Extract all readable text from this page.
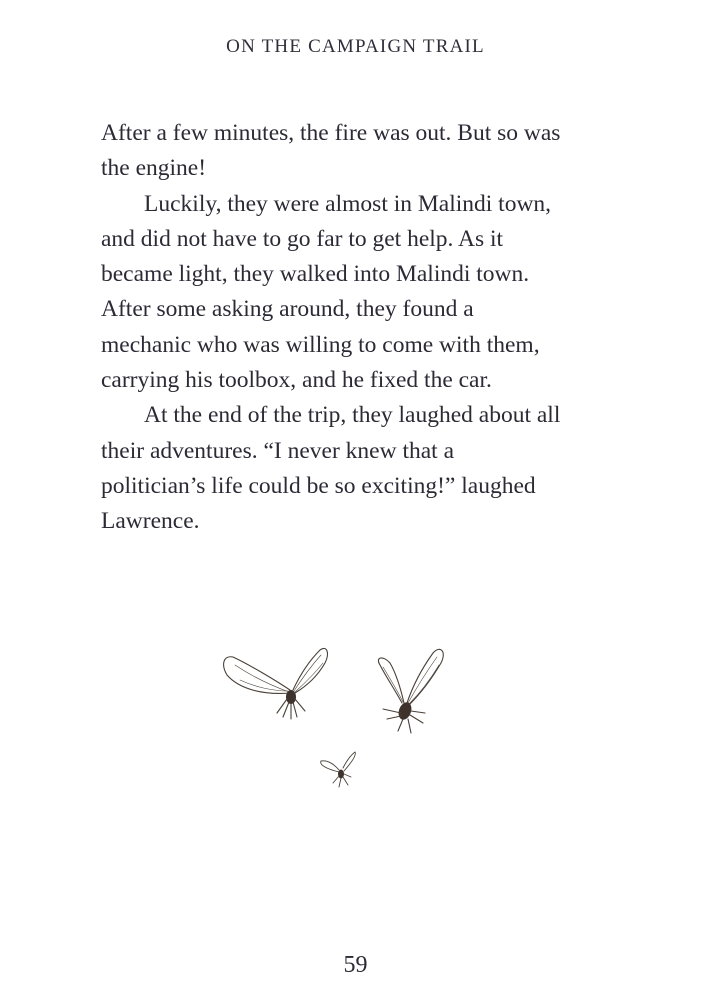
ON THE CAMPAIGN TRAIL
After a few minutes, the fire was out. But so was
the engine!
Luckily, they were almost in Malindi town,
and did not have to go far to get help. As it
became light, they walked into Malindi town.
After some asking around, they found a
mechanic who was willing to come with them,
carrying his toolbox, and he fixed the car.
At the end of the trip, they laughed about all
their adventures. “I never knew that a
politician’s life could be so exciting!” laughed
Lawrence.
59
